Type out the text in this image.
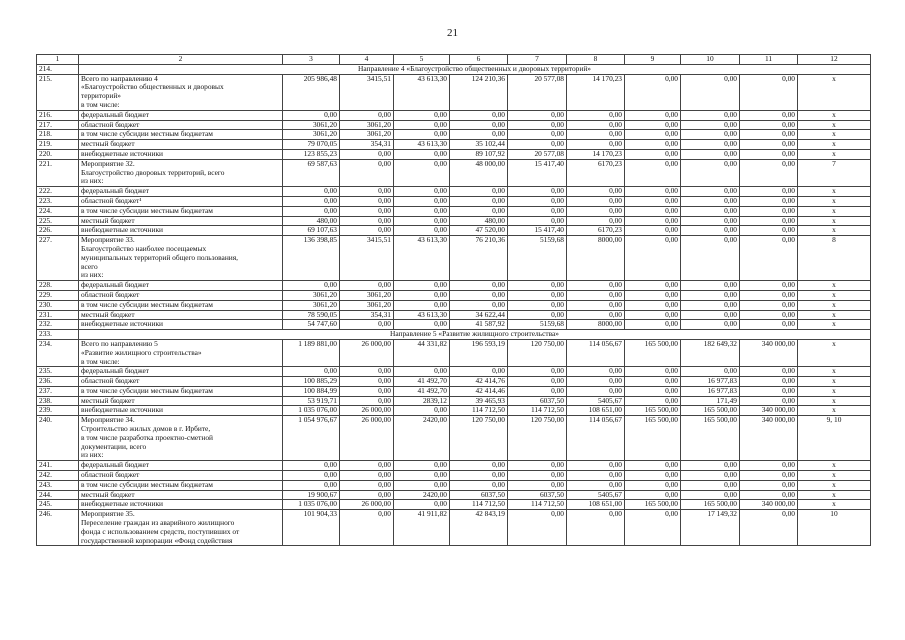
21
1	2	3	4	5	6	7	8	9	10	11	12
214.	Направление 4 «Благоустройство общественных и дворовых территорий»										
215.	Всего по направлению 4
«Благоустройство общественных и дворовых
территорий»
в том числе:	205 986,48	3415,51	43 613,30	124 210,36	20 577,08	14 170,23	0,00	0,00	0,00	x
216.	федеральный бюджет	0,00	0,00	0,00	0,00	0,00	0,00	0,00	0,00	0,00	x
217.	областной бюджет	3061,20	3061,20	0,00	0,00	0,00	0,00	0,00	0,00	0,00	x
218.	в том числе субсидии местным бюджетам	3061,20	3061,20	0,00	0,00	0,00	0,00	0,00	0,00	0,00	x
219.	местный бюджет	79 070,05	354,31	43 613,30	35 102,44	0,00	0,00	0,00	0,00	0,00	x
220.	внебюджетные источники	123 855,23	0,00	0,00	89 107,92	20 577,08	14 170,23	0,00	0,00	0,00	x
221.	Мероприятие 32.
Благоустройство дворовых территорий, всего
из них:	69 587,63	0,00	0,00	48 000,00	15 417,40	6170,23	0,00	0,00	0,00	7
222.	федеральный бюджет	0,00	0,00	0,00	0,00	0,00	0,00	0,00	0,00	0,00	x
223.	областной бюджет¹	0,00	0,00	0,00	0,00	0,00	0,00	0,00	0,00	0,00	x
224.	в том числе субсидии местным бюджетам	0,00	0,00	0,00	0,00	0,00	0,00	0,00	0,00	0,00	x
225.	местный бюджет	480,00	0,00	0,00	480,00	0,00	0,00	0,00	0,00	0,00	x
226.	внебюджетные источники	69 107,63	0,00	0,00	47 520,00	15 417,40	6170,23	0,00	0,00	0,00	x
227.	Мероприятие 33.
Благоустройство наиболее посещаемых
муниципальных территорий общего пользования,
всего
из них:	136 398,85	3415,51	43 613,30	76 210,36	5159,68	8000,00	0,00	0,00	0,00	8
228.	федеральный бюджет	0,00	0,00	0,00	0,00	0,00	0,00	0,00	0,00	0,00	x
229.	областной бюджет	3061,20	3061,20	0,00	0,00	0,00	0,00	0,00	0,00	0,00	x
230.	в том числе субсидии местным бюджетам	3061,20	3061,20	0,00	0,00	0,00	0,00	0,00	0,00	0,00	x
231.	местный бюджет	78 590,05	354,31	43 613,30	34 622,44	0,00	0,00	0,00	0,00	0,00	x
232.	внебюджетные источники	54 747,60	0,00	0,00	41 587,92	5159,68	8000,00	0,00	0,00	0,00	x
233.	Направление 5 «Развитие жилищного строительства»										
234.	Всего по направлению 5
«Развитие жилищного строительства»
в том числе:	1 189 881,00	26 000,00	44 331,82	196 593,19	120 750,00	114 056,67	165 500,00	182 649,32	340 000,00	x
235.	федеральный бюджет	0,00	0,00	0,00	0,00	0,00	0,00	0,00	0,00	0,00	x
236.	областной бюджет	100 885,29	0,00	41 492,70	42 414,76	0,00	0,00	0,00	16 977,83	0,00	x
237.	в том числе субсидии местным бюджетам	100 884,99	0,00	41 492,70	42 414,46	0,00	0,00	0,00	16 977,83	0,00	x
238.	местный бюджет	53 919,71	0,00	2839,12	39 465,93	6037,50	5405,67	0,00	171,49	0,00	x
239.	внебюджетные источники	1 035 076,00	26 000,00	0,00	114 712,50	114 712,50	108 651,00	165 500,00	165 500,00	340 000,00	x
240.	Мероприятие 34.
Строительство жилых домов в г. Ирбите,
в том числе разработка проектно-сметной
документации, всего
из них:	1 054 976,67	26 000,00	2420,00	120 750,00	120 750,00	114 056,67	165 500,00	165 500,00	340 000,00	9, 10
241.	федеральный бюджет	0,00	0,00	0,00	0,00	0,00	0,00	0,00	0,00	0,00	x
242.	областной бюджет	0,00	0,00	0,00	0,00	0,00	0,00	0,00	0,00	0,00	x
243.	в том числе субсидии местным бюджетам	0,00	0,00	0,00	0,00	0,00	0,00	0,00	0,00	0,00	x
244.	местный бюджет	19 900,67	0,00	2420,00	6037,50	6037,50	5405,67	0,00	0,00	0,00	x
245.	внебюджетные источники	1 035 076,00	26 000,00	0,00	114 712,50	114 712,50	108 651,00	165 500,00	165 500,00	340 000,00	x
246.	Мероприятие 35.
Переселение граждан из аварийного жилищного
фонда с использованием средств, поступивших от
государственной корпорации «Фонд содействия	101 904,33	0,00	41 911,82	42 843,19	0,00	0,00	0,00	17 149,32	0,00	10
